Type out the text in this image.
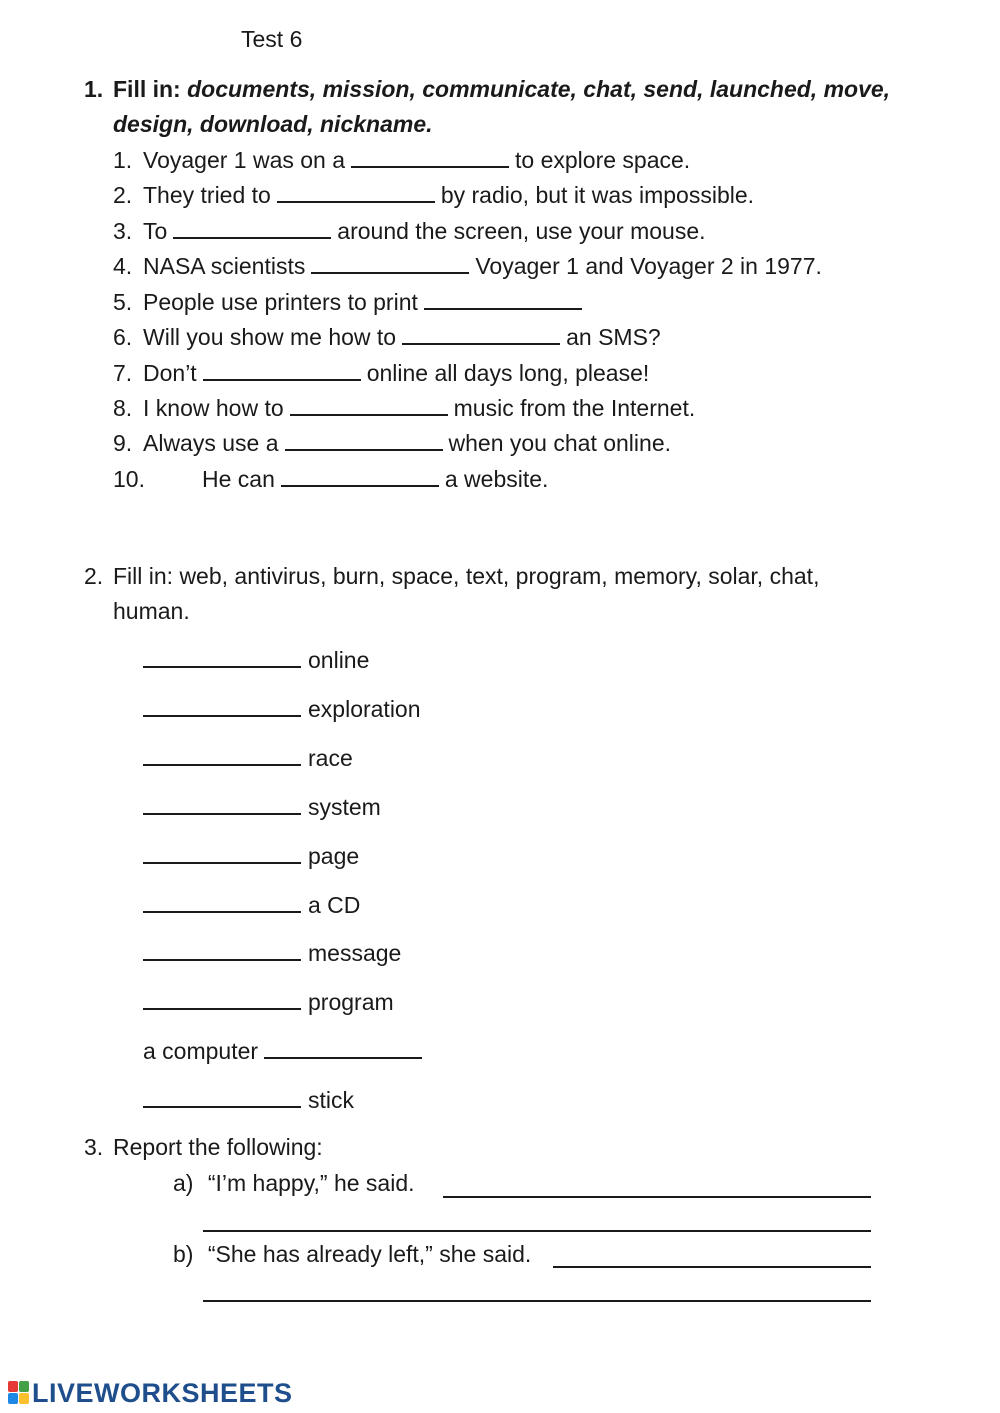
Test 6
1. Fill in: documents, mission, communicate, chat, send, launched, move,
design, download, nickname.
1. Voyager 1 was on a	to explore space.
2. They tried to	by radio, but it was impossible.
3. To	around the screen, use your mouse.
4. NASA scientists	Voyager 1 and Voyager 2 in 1977.
5. People use printers to print
6. Will you show me how to	an SMS?
7. Don’t	online all days long, please!
8. I know how to	music from the Internet.
9. Always use a	when you chat online.
10. He can	a website.
2. Fill in: web, antivirus, burn, space, text, program, memory, solar, chat,
human.
online
exploration
race
system
page
a CD
message
program
a computer
stick
3. Report the following:
a) “I’m happy,” he said.
b) “She has already left,” she said.
LIVEWORKSHEETS
